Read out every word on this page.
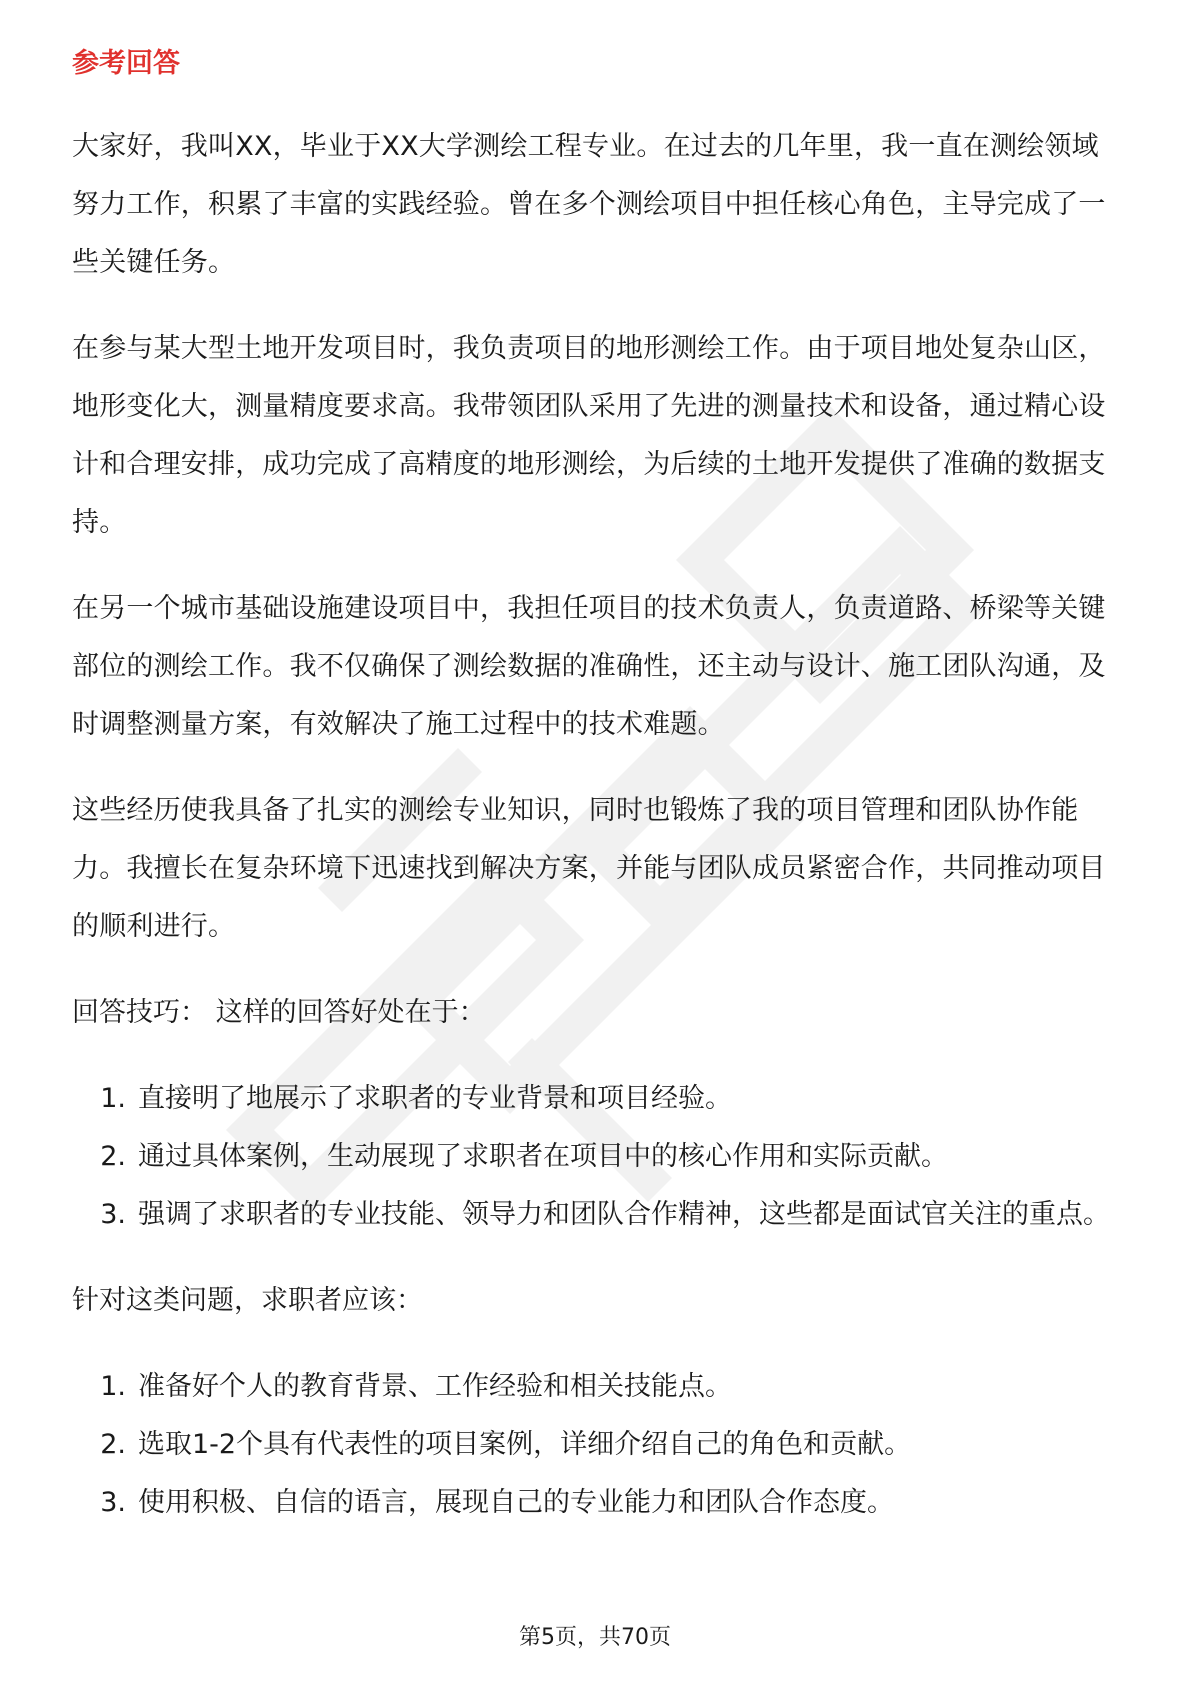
参考回答

大家好，我叫XX，毕业于XX大学测绘工程专业。在过去的几年里，我一直在测绘领域努力工作，积累了丰富的实践经验。曾在多个测绘项目中担任核心角色，主导完成了一些关键任务。

在参与某大型土地开发项目时，我负责项目的地形测绘工作。由于项目地处复杂山区，地形变化大，测量精度要求高。我带领团队采用了先进的测量技术和设备，通过精心设计和合理安排，成功完成了高精度的地形测绘，为后续的土地开发提供了准确的数据支持。

在另一个城市基础设施建设项目中，我担任项目的技术负责人，负责道路、桥梁等关键部位的测绘工作。我不仅确保了测绘数据的准确性，还主动与设计、施工团队沟通，及时调整测量方案，有效解决了施工过程中的技术难题。

这些经历使我具备了扎实的测绘专业知识，同时也锻炼了我的项目管理和团队协作能力。我擅长在复杂环境下迅速找到解决方案，并能与团队成员紧密合作，共同推动项目的顺利进行。

回答技巧： 这样的回答好处在于：

1. 直接明了地展示了求职者的专业背景和项目经验。
2. 通过具体案例，生动展现了求职者在项目中的核心作用和实际贡献。
3. 强调了求职者的专业技能、领导力和团队合作精神，这些都是面试官关注的重点。

针对这类问题，求职者应该：

1. 准备好个人的教育背景、工作经验和相关技能点。
2. 选取1-2个具有代表性的项目案例，详细介绍自己的角色和贡献。
3. 使用积极、自信的语言，展现自己的专业能力和团队合作态度。
第5页，共70页
